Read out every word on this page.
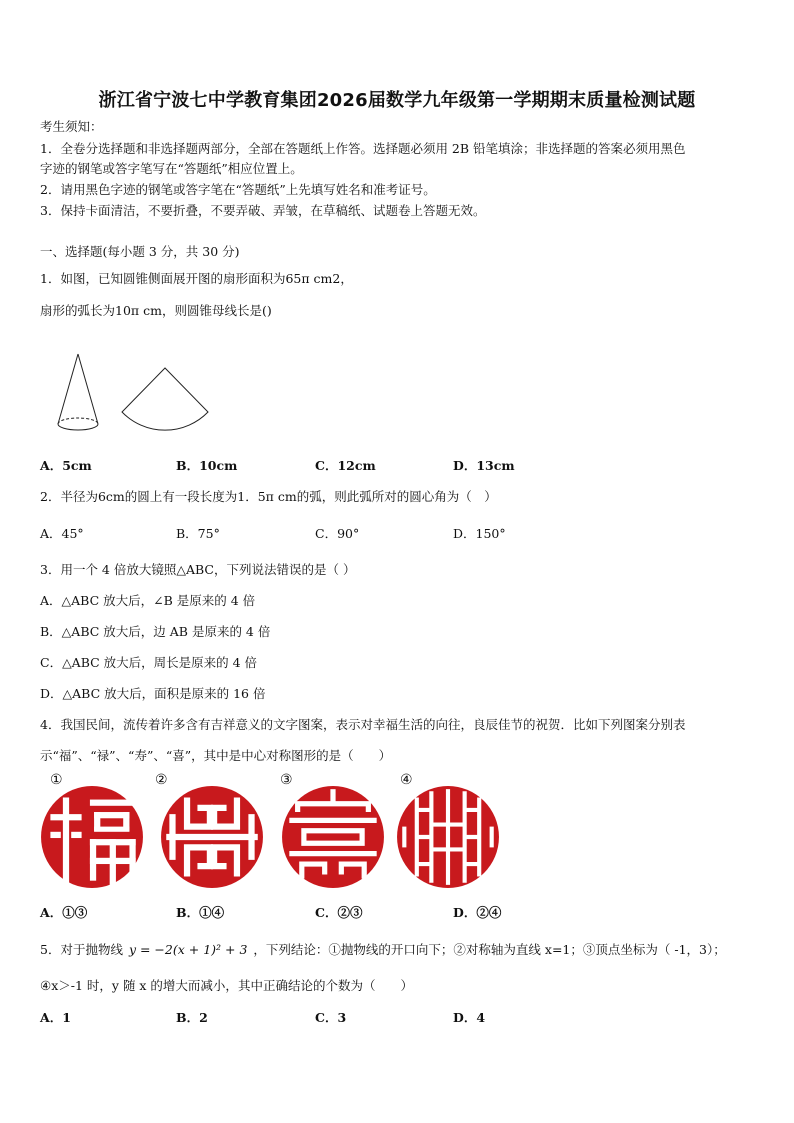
浙江省宁波七中学教育集团2026届数学九年级第一学期期末质量检测试题
考生须知：
1．全卷分选择题和非选择题两部分，全部在答题纸上作答。选择题必须用 2B 铅笔填涂；非选择题的答案必须用黑色
字迹的钢笔或答字笔写在“答题纸”相应位置上。
2．请用黑色字迹的钢笔或答字笔在“答题纸”上先填写姓名和准考证号。
3．保持卡面清洁，不要折叠，不要弄破、弄皱，在草稿纸、试题卷上答题无效。
一、选择题(每小题 3 分，共 30 分)
1．如图，已知圆锥侧面展开图的扇形面积为65π cm2，
扇形的弧长为10π cm，则圆锥母线长是()
A．5cm	B．10cm	C．12cm	D．13cm
2．半径为6cm的圆上有一段长度为1．5π cm的弧，则此弧所对的圆心角为（　）
A．45°	B．75°	C．90°	D．150°
3．用一个 4 倍放大镜照△ABC，下列说法错误的是（ ）
A．△ABC 放大后，∠B 是原来的 4 倍
B．△ABC 放大后，边 AB 是原来的 4 倍
C．△ABC 放大后，周长是原来的 4 倍
D．△ABC 放大后，面积是原来的 16 倍
4．我国民间，流传着许多含有吉祥意义的文字图案，表示对幸福生活的向往，良辰佳节的祝贺．比如下列图案分别表
示“福”、“禄”、“寿”、“喜”，其中是中心对称图形的是（　　）
①	②	③	④
A．①③	B．①④	C．②③	D．②④
5．对于抛物线 y = −2(x + 1)² + 3 ，下列结论：①抛物线的开口向下；②对称轴为直线 x=1；③顶点坐标为（ -1，3）；
④x＞-1 时，y 随 x 的增大而减小，其中正确结论的个数为（　　）
A．1	B．2	C．3	D．4
